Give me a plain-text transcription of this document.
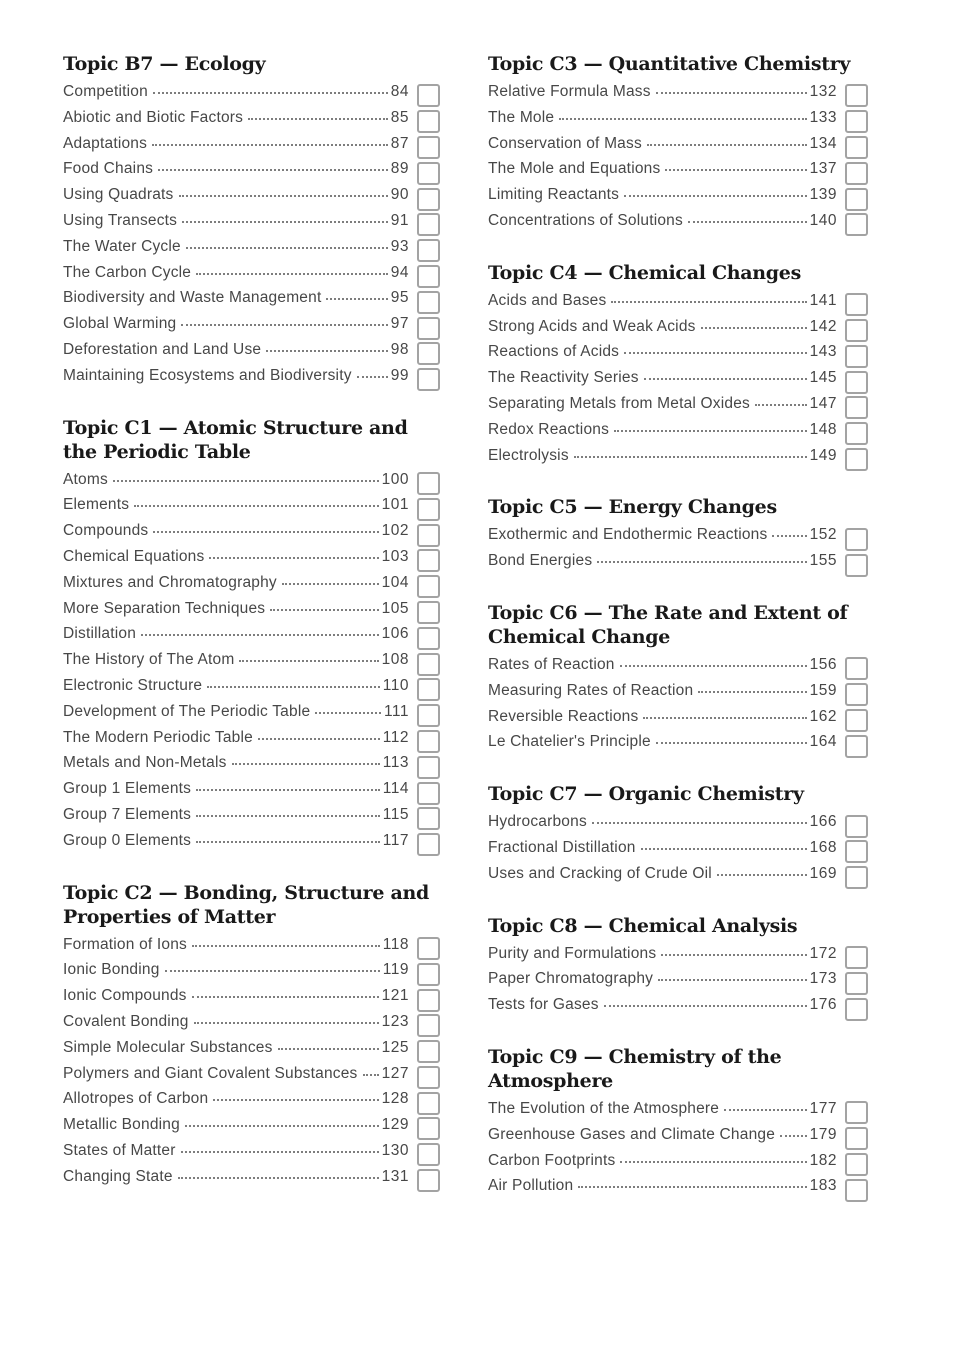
Topic B7 — Ecology
Competition	84
Abiotic and Biotic Factors	85
Adaptations	87
Food Chains	89
Using Quadrats	90
Using Transects	91
The Water Cycle	93
The Carbon Cycle	94
Biodiversity and Waste Management	95
Global Warming	97
Deforestation and Land Use	98
Maintaining Ecosystems and Biodiversity	99
Topic C1 — Atomic Structure and the Periodic Table
Atoms	100
Elements	101
Compounds	102
Chemical Equations	103
Mixtures and Chromatography	104
More Separation Techniques	105
Distillation	106
The History of The Atom	108
Electronic Structure	110
Development of The Periodic Table	111
The Modern Periodic Table	112
Metals and Non-Metals	113
Group 1 Elements	114
Group 7 Elements	115
Group 0 Elements	117
Topic C2 — Bonding, Structure and Properties of Matter
Formation of Ions	118
Ionic Bonding	119
Ionic Compounds	121
Covalent Bonding	123
Simple Molecular Substances	125
Polymers and Giant Covalent Substances 127
Allotropes of Carbon	128
Metallic Bonding	129
States of Matter	130
Changing State	131
Topic C3 — Quantitative Chemistry
Relative Formula Mass	132
The Mole	133
Conservation of Mass	134
The Mole and Equations	137
Limiting Reactants	139
Concentrations of Solutions	140
Topic C4 — Chemical Changes
Acids and Bases	141
Strong Acids and Weak Acids	142
Reactions of Acids	143
The Reactivity Series	145
Separating Metals from Metal Oxides	147
Redox Reactions	148
Electrolysis	149
Topic C5 — Energy Changes
Exothermic and Endothermic Reactions	152
Bond Energies	155
Topic C6 — The Rate and Extent of Chemical Change
Rates of Reaction	156
Measuring Rates of Reaction	159
Reversible Reactions	162
Le Chatelier's Principle	164
Topic C7 — Organic Chemistry
Hydrocarbons	166
Fractional Distillation	168
Uses and Cracking of Crude Oil	169
Topic C8 — Chemical Analysis
Purity and Formulations	172
Paper Chromatography	173
Tests for Gases	176
Topic C9 — Chemistry of the Atmosphere
The Evolution of the Atmosphere	177
Greenhouse Gases and Climate Change 179
Carbon Footprints	182
Air Pollution	183
